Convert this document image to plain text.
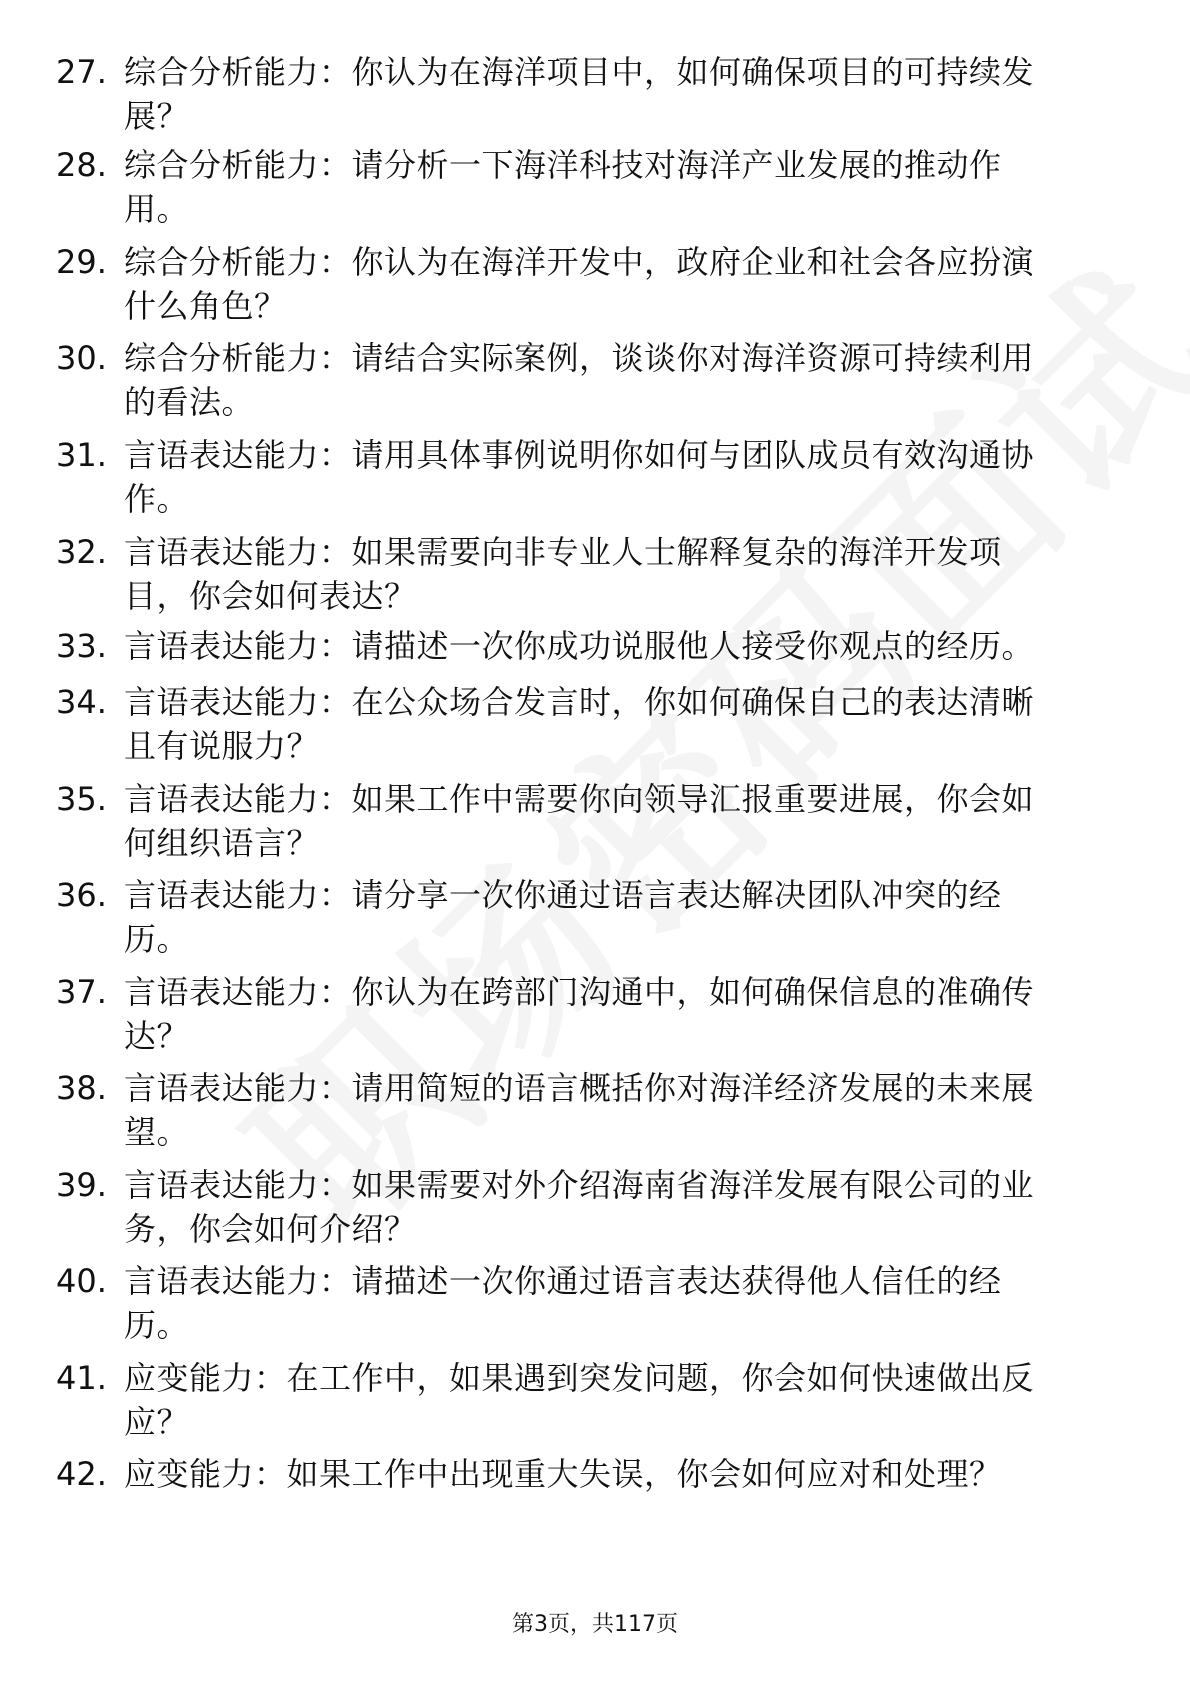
27. 综合分析能力：你认为在海洋项目中，如何确保项目的可持续发
展？
28. 综合分析能力：请分析一下海洋科技对海洋产业发展的推动作
用。
29. 综合分析能力：你认为在海洋开发中，政府企业和社会各应扮演
什么角色？
30. 综合分析能力：请结合实际案例，谈谈你对海洋资源可持续利用
的看法。
31. 言语表达能力：请用具体事例说明你如何与团队成员有效沟通协
作。
32. 言语表达能力：如果需要向非专业人士解释复杂的海洋开发项
目，你会如何表达？
33. 言语表达能力：请描述一次你成功说服他人接受你观点的经历。
34. 言语表达能力：在公众场合发言时，你如何确保自己的表达清晰
且有说服力？
35. 言语表达能力：如果工作中需要你向领导汇报重要进展，你会如
何组织语言？
36. 言语表达能力：请分享一次你通过语言表达解决团队冲突的经
历。
37. 言语表达能力：你认为在跨部门沟通中，如何确保信息的准确传
达？
38. 言语表达能力：请用简短的语言概括你对海洋经济发展的未来展
望。
39. 言语表达能力：如果需要对外介绍海南省海洋发展有限公司的业
务，你会如何介绍？
40. 言语表达能力：请描述一次你通过语言表达获得他人信任的经
历。
41. 应变能力：在工作中，如果遇到突发问题，你会如何快速做出反
应？
42. 应变能力：如果工作中出现重大失误，你会如何应对和处理？
第3页，共117页
